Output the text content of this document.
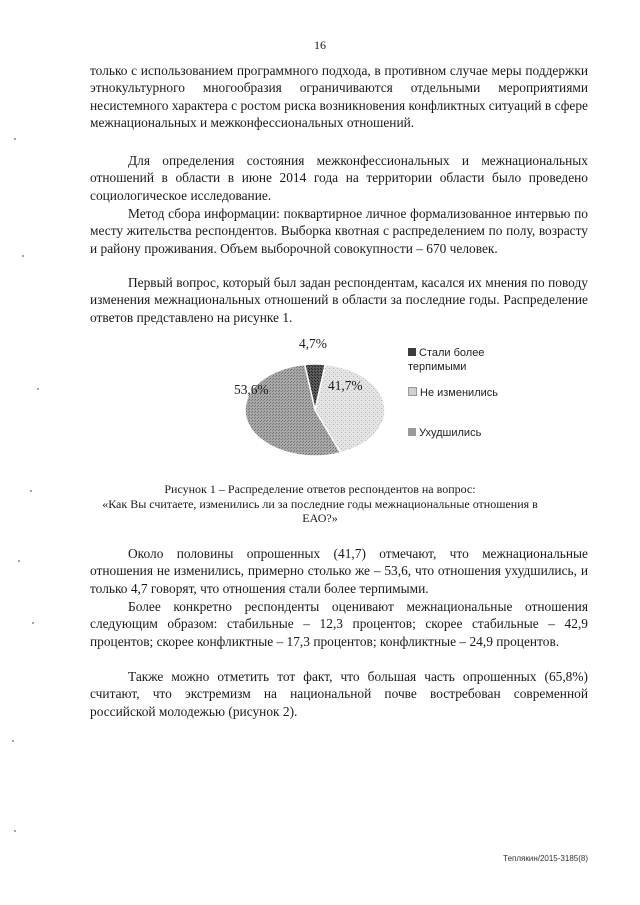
16

только с использованием программного подхода, в противном случае меры поддержки этнокультурного многообразия ограничиваются отдельными мероприятиями несистемного характера с ростом риска возникновения конфликтных ситуаций в сфере межнациональных и межконфессиональных отношений.

Для определения состояния межконфессиональных и межнациональных отношений в области в июне 2014 года на территории области было проведено социологическое исследование.

Метод сбора информации: поквартирное личное формализованное интервью по месту жительства респондентов. Выборка квотная с распределением по полу, возрасту и району проживания. Объем выборочной совокупности – 670 человек.

Первый вопрос, который был задан респондентам, касался их мнения по поводу изменения межнациональных отношений в области за последние годы. Распределение ответов представлено на рисунке 1.

4,7%
41,7%
53,6%
Стали более терпимыми
Не изменились
Ухудшились
Рисунок 1 – Распределение ответов респондентов на вопрос:
«Как Вы считаете, изменились ли за последние годы межнациональные отношения в ЕАО?»

Около половины опрошенных (41,7) отмечают, что межнациональные отношения не изменились, примерно столько же – 53,6, что отношения ухудшились, и только 4,7 говорят, что отношения стали более терпимыми.

Более конкретно респонденты оценивают межнациональные отношения следующим образом: стабильные – 12,3 процентов; скорее стабильные – 42,9 процентов; скорее конфликтные – 17,3 процентов; конфликтные – 24,9 процентов.

Также можно отметить тот факт, что большая часть опрошенных (65,8%) считают, что экстремизм на национальной почве востребован современной российской молодежью (рисунок 2).

Теплякин/2015-3185(8)
